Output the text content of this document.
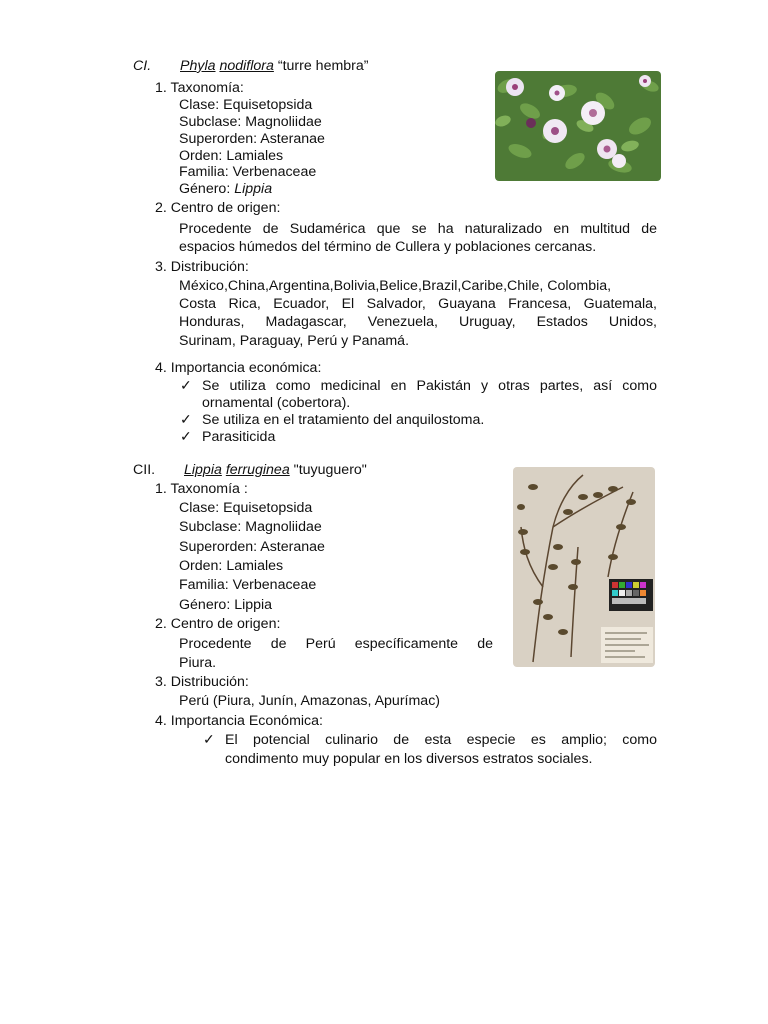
CI. Phyla nodiflora “turre hembra”
1. Taxonomía:
Clase: Equisetopsida
Subclase: Magnoliidae
Superorden: Asteranae
Orden: Lamiales
Familia: Verbenaceae
Género: Lippia
2. Centro de origen:
Procedente de Sudamérica que se ha naturalizado en multitud de
espacios húmedos del término de Cullera y poblaciones cercanas.
3. Distribución:
México,China,Argentina,Bolivia,Belice,Brazil,Caribe,Chile, Colombia,
Costa Rica, Ecuador, El Salvador, Guayana Francesa, Guatemala,
Honduras, Madagascar, Venezuela, Uruguay, Estados Unidos,
Surinam, Paraguay, Perú y Panamá.
4. Importancia económica:
✓ Se utiliza como medicinal en Pakistán y otras partes, así como
ornamental (cobertora).
✓ Se utiliza en el tratamiento del anquilostoma.
✓ Parasiticida
CII. Lippia ferruginea "tuyuguero"
1. Taxonomía :
Clase: Equisetopsida
Subclase: Magnoliidae
Superorden: Asteranae
Orden: Lamiales
Familia: Verbenaceae
Género: Lippia
2. Centro de origen:
Procedente de Perú específicamente de
Piura.
3. Distribución:
Perú (Piura, Junín, Amazonas, Apurímac)
4. Importancia Económica:
✓ El potencial culinario de esta especie es amplio; como
condimento muy popular en los diversos estratos sociales.
